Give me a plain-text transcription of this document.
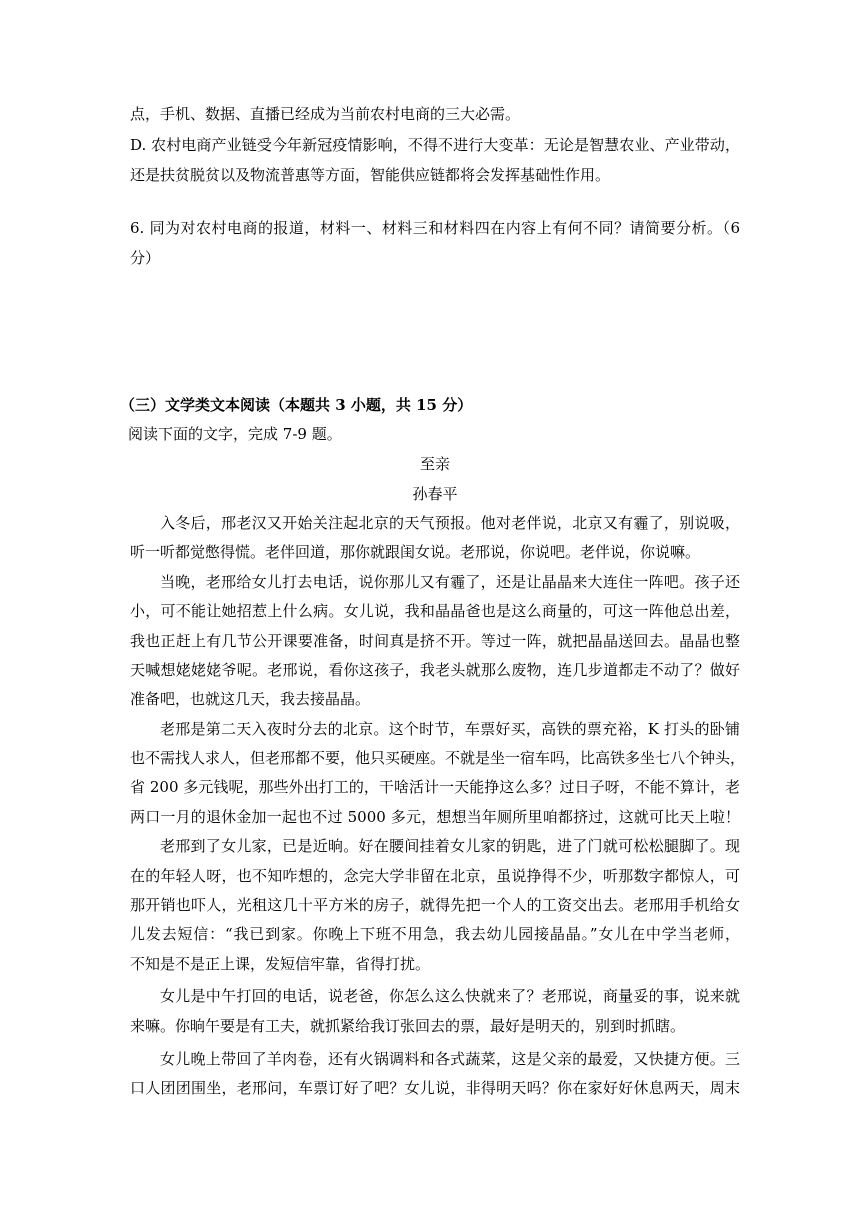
点，手机、数据、直播已经成为当前农村电商的三大必需。
D. 农村电商产业链受今年新冠疫情影响，不得不进行大变革：无论是智慧农业、产业带动，
还是扶贫脱贫以及物流普惠等方面，智能供应链都将会发挥基础性作用。
6. 同为对农村电商的报道，材料一、材料三和材料四在内容上有何不同？请简要分析。（6
分）
（三）文学类文本阅读（本题共 3 小题，共 15 分）
阅读下面的文字，完成 7-9 题。
至亲
孙春平
入冬后，邢老汉又开始关注起北京的天气预报。他对老伴说，北京又有霾了，别说吸，
听一听都觉憋得慌。老伴回道，那你就跟闺女说。老邢说，你说吧。老伴说，你说嘛。
当晚，老邢给女儿打去电话，说你那儿又有霾了，还是让晶晶来大连住一阵吧。孩子还
小，可不能让她招惹上什么病。女儿说，我和晶晶爸也是这么商量的，可这一阵他总出差，
我也正赶上有几节公开课要准备，时间真是挤不开。等过一阵，就把晶晶送回去。晶晶也整
天喊想姥姥姥爷呢。老邢说，看你这孩子，我老头就那么废物，连几步道都走不动了？做好
准备吧，也就这几天，我去接晶晶。
老邢是第二天入夜时分去的北京。这个时节，车票好买，高铁的票充裕，K 打头的卧铺
也不需找人求人，但老邢都不要，他只买硬座。不就是坐一宿车吗，比高铁多坐七八个钟头，
省 200 多元钱呢，那些外出打工的，干啥活计一天能挣这么多？过日子呀，不能不算计，老
两口一月的退休金加一起也不过 5000 多元，想想当年厕所里咱都挤过，这就可比天上啦！
老邢到了女儿家，已是近晌。好在腰间挂着女儿家的钥匙，进了门就可松松腿脚了。现
在的年轻人呀，也不知咋想的，念完大学非留在北京，虽说挣得不少，听那数字都惊人，可
那开销也吓人，光租这几十平方米的房子，就得先把一个人的工资交出去。老邢用手机给女
儿发去短信：“我已到家。你晚上下班不用急，我去幼儿园接晶晶。”女儿在中学当老师，
不知是不是正上课，发短信牢靠，省得打扰。
女儿是中午打回的电话，说老爸，你怎么这么快就来了？老邢说，商量妥的事，说来就
来嘛。你晌午要是有工夫，就抓紧给我订张回去的票，最好是明天的，别到时抓瞎。
女儿晚上带回了羊肉卷，还有火锅调料和各式蔬菜，这是父亲的最爱，又快捷方便。三
口人团团围坐，老邢问，车票订好了吧？女儿说，非得明天吗？你在家好好休息两天，周末
